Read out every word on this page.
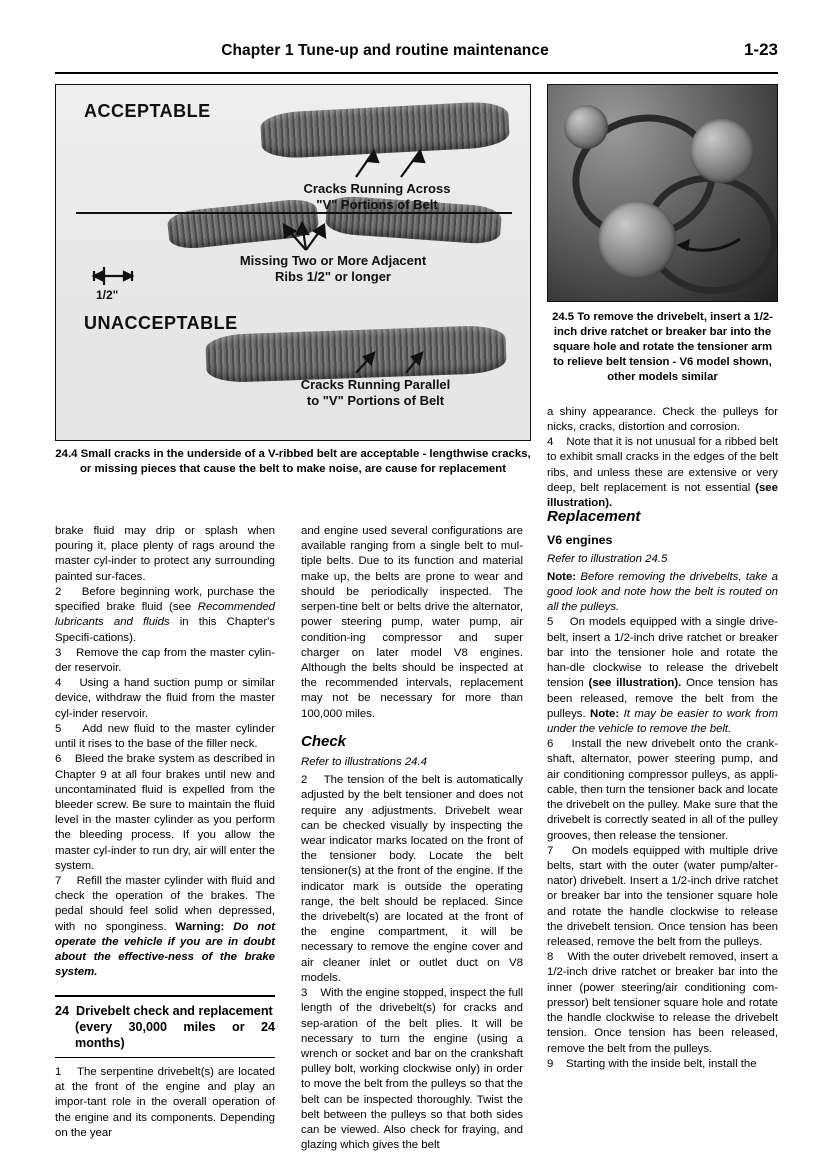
Chapter 1 Tune-up and routine maintenance	1-23
ACCEPTABLE
UNACCEPTABLE
Cracks Running Across
"V" Portions of Belt
Missing Two or More Adjacent
Ribs 1/2" or longer
1/2"
Cracks Running Parallel
to "V" Portions of Belt
24.4 Small cracks in the underside of a V-ribbed belt are acceptable - lengthwise cracks, or missing pieces that cause the belt to make noise, are cause for replacement
24.5 To remove the drivebelt, insert a 1/2-inch drive ratchet or breaker bar into the square hole and rotate the tensioner arm to relieve belt tension - V6 model shown, other models similar

a shiny appearance. Check the pulleys for nicks, cracks, distortion and corrosion.

4 Note that it is not unusual for a ribbed belt to exhibit small cracks in the edges of the belt ribs, and unless these are extensive or very deep, belt replacement is not essential (see illustration).

brake fluid may drip or splash when pouring it, place plenty of rags around the master cyl-inder to protect any surrounding painted sur-faces.

2 Before beginning work, purchase the specified brake fluid (see Recommended lubricants and fluids in this Chapter's Specifi-cations).

3 Remove the cap from the master cylin-der reservoir.

4 Using a hand suction pump or similar device, withdraw the fluid from the master cyl-inder reservoir.

5 Add new fluid to the master cylinder until it rises to the base of the filler neck.

6 Bleed the brake system as described in Chapter 9 at all four brakes until new and uncontaminated fluid is expelled from the bleeder screw. Be sure to maintain the fluid level in the master cylinder as you perform the bleeding process. If you allow the master cyl-inder to run dry, air will enter the system.

7 Refill the master cylinder with fluid and check the operation of the brakes. The pedal should feel solid when depressed, with no sponginess. Warning: Do not operate the vehicle if you are in doubt about the effective-ness of the brake system.

24 Drivebelt check and replacement
(every 30,000 miles or 24 months)

1 The serpentine drivebelt(s) are located at the front of the engine and play an impor-tant role in the overall operation of the engine and its components. Depending on the year

and engine used several configurations are available ranging from a single belt to mul-tiple belts. Due to its function and material make up, the belts are prone to wear and should be periodically inspected. The serpen-tine belt or belts drive the alternator, power steering pump, water pump, air condition-ing compressor and super charger on later model V8 engines. Although the belts should be inspected at the recommended intervals, replacement may not be necessary for more than 100,000 miles.

Check

Refer to illustrations 24.4

2 The tension of the belt is automatically adjusted by the belt tensioner and does not require any adjustments. Drivebelt wear can be checked visually by inspecting the wear indicator marks located on the front of the tensioner body. Locate the belt tensioner(s) at the front of the engine. If the indicator mark is outside the operating range, the belt should be replaced. Since the drivebelt(s) are located at the front of the engine compartment, it will be necessary to remove the engine cover and air cleaner inlet or outlet duct on V8 models.

3 With the engine stopped, inspect the full length of the drivebelt(s) for cracks and sep-aration of the belt plies. It will be necessary to turn the engine (using a wrench or socket and bar on the crankshaft pulley bolt, working clockwise only) in order to move the belt from the pulleys so that the belt can be inspected thoroughly. Twist the belt between the pulleys so that both sides can be viewed. Also check for fraying, and glazing which gives the belt

Replacement
V6 engines

Refer to illustration 24.5

Note: Before removing the drivebelts, take a good look and note how the belt is routed on all the pulleys.

5 On models equipped with a single drive-belt, insert a 1/2-inch drive ratchet or breaker bar into the tensioner hole and rotate the han-dle clockwise to release the drivebelt tension (see illustration). Once tension has been released, remove the belt from the pulleys. Note: It may be easier to work from under the vehicle to remove the belt.

6 Install the new drivebelt onto the crank-shaft, alternator, power steering pump, and air conditioning compressor pulleys, as appli-cable, then turn the tensioner back and locate the drivebelt on the pulley. Make sure that the drivebelt is correctly seated in all of the pulley grooves, then release the tensioner.

7 On models equipped with multiple drive belts, start with the outer (water pump/alter-nator) drivebelt. Insert a 1/2-inch drive ratchet or breaker bar into the tensioner square hole and rotate the handle clockwise to release the drivebelt tension. Once tension has been released, remove the belt from the pulleys.

8 With the outer drivebelt removed, insert a 1/2-inch drive ratchet or breaker bar into the inner (power steering/air conditioning com-pressor) belt tensioner square hole and rotate the handle clockwise to release the drivebelt tension. Once tension has been released, remove the belt from the pulleys.

9 Starting with the inside belt, install the
